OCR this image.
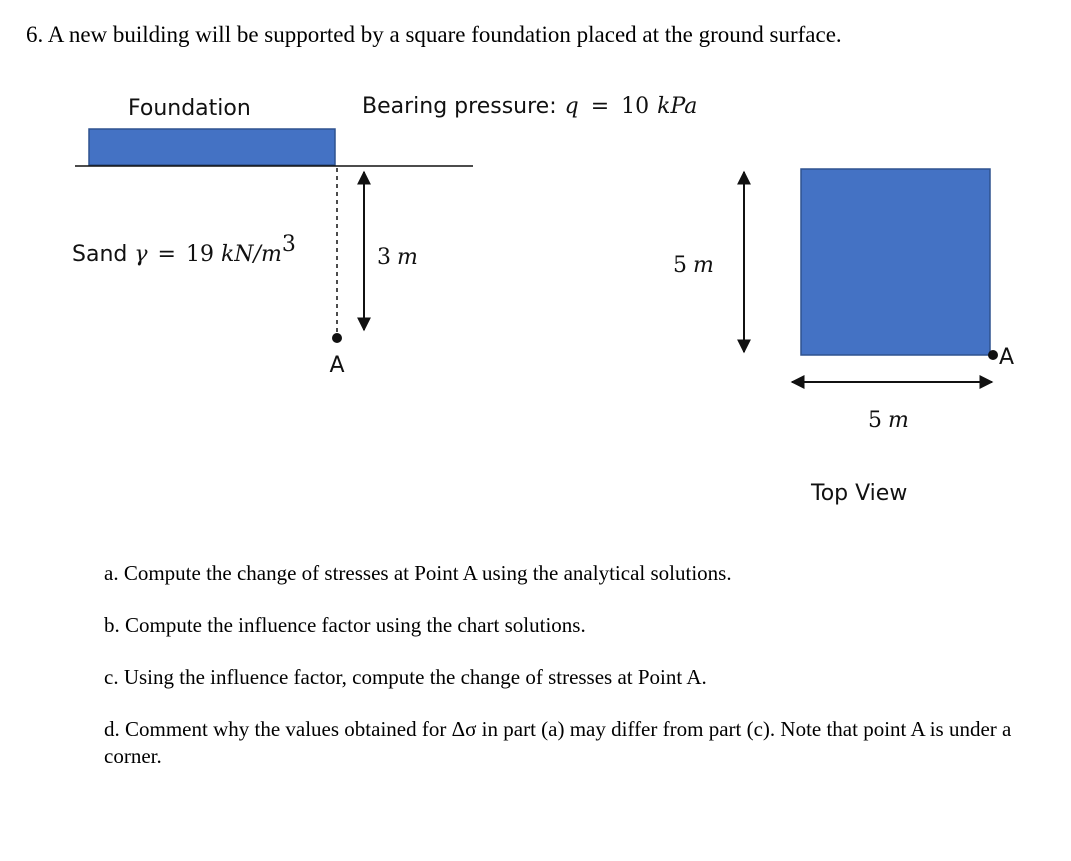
6. A new building will be supported by a square foundation placed at the ground surface.
Foundation	Bearing pressure: q = 10 kPa
A
3 m
Sand γ = 19 kN/m3
5 m
A
5 m
Top View
a. Compute the change of stresses at Point A using the analytical solutions.
b. Compute the influence factor using the chart solutions.
c. Using the influence factor, compute the change of stresses at Point A.
d. Comment why the values obtained for Δσ in part (a) may differ from part (c). Note that point A is under a corner.
